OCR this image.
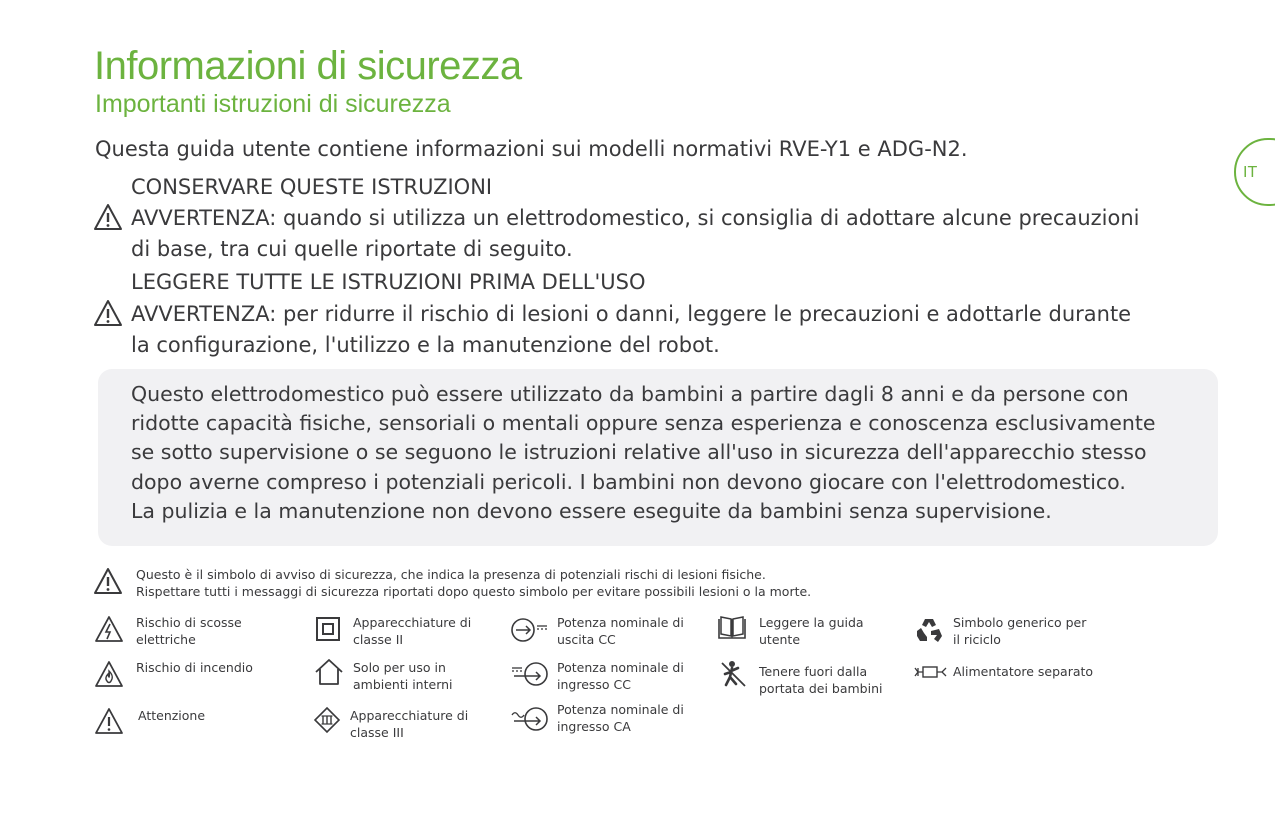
Informazioni di sicurezza
Importanti istruzioni di sicurezza
IT
Questa guida utente contiene informazioni sui modelli normativi RVE-Y1 e ADG-N2.
CONSERVARE QUESTE ISTRUZIONI
AVVERTENZA: quando si utilizza un elettrodomestico, si consiglia di adottare alcune precauzioni
di base, tra cui quelle riportate di seguito.
LEGGERE TUTTE LE ISTRUZIONI PRIMA DELL'USO
AVVERTENZA: per ridurre il rischio di lesioni o danni, leggere le precauzioni e adottarle durante
la configurazione, l'utilizzo e la manutenzione del robot.
Questo elettrodomestico può essere utilizzato da bambini a partire dagli 8 anni e da persone con
ridotte capacità fisiche, sensoriali o mentali oppure senza esperienza e conoscenza esclusivamente
se sotto supervisione o se seguono le istruzioni relative all'uso in sicurezza dell'apparecchio stesso
dopo averne compreso i potenziali pericoli. I bambini non devono giocare con l'elettrodomestico.
La pulizia e la manutenzione non devono essere eseguite da bambini senza supervisione.
Questo è il simbolo di avviso di sicurezza, che indica la presenza di potenziali rischi di lesioni fisiche.
Rispettare tutti i messaggi di sicurezza riportati dopo questo simbolo per evitare possibili lesioni o la morte.
Rischio di scosse
elettriche
Rischio di incendio
Attenzione
Apparecchiature di
classe II
Solo per uso in
ambienti interni
Apparecchiature di
classe III
Potenza nominale di
uscita CC
Potenza nominale di
ingresso CC
Potenza nominale di
ingresso CA
Leggere la guida
utente
Tenere fuori dalla
portata dei bambini
Simbolo generico per
il riciclo
Alimentatore separato
